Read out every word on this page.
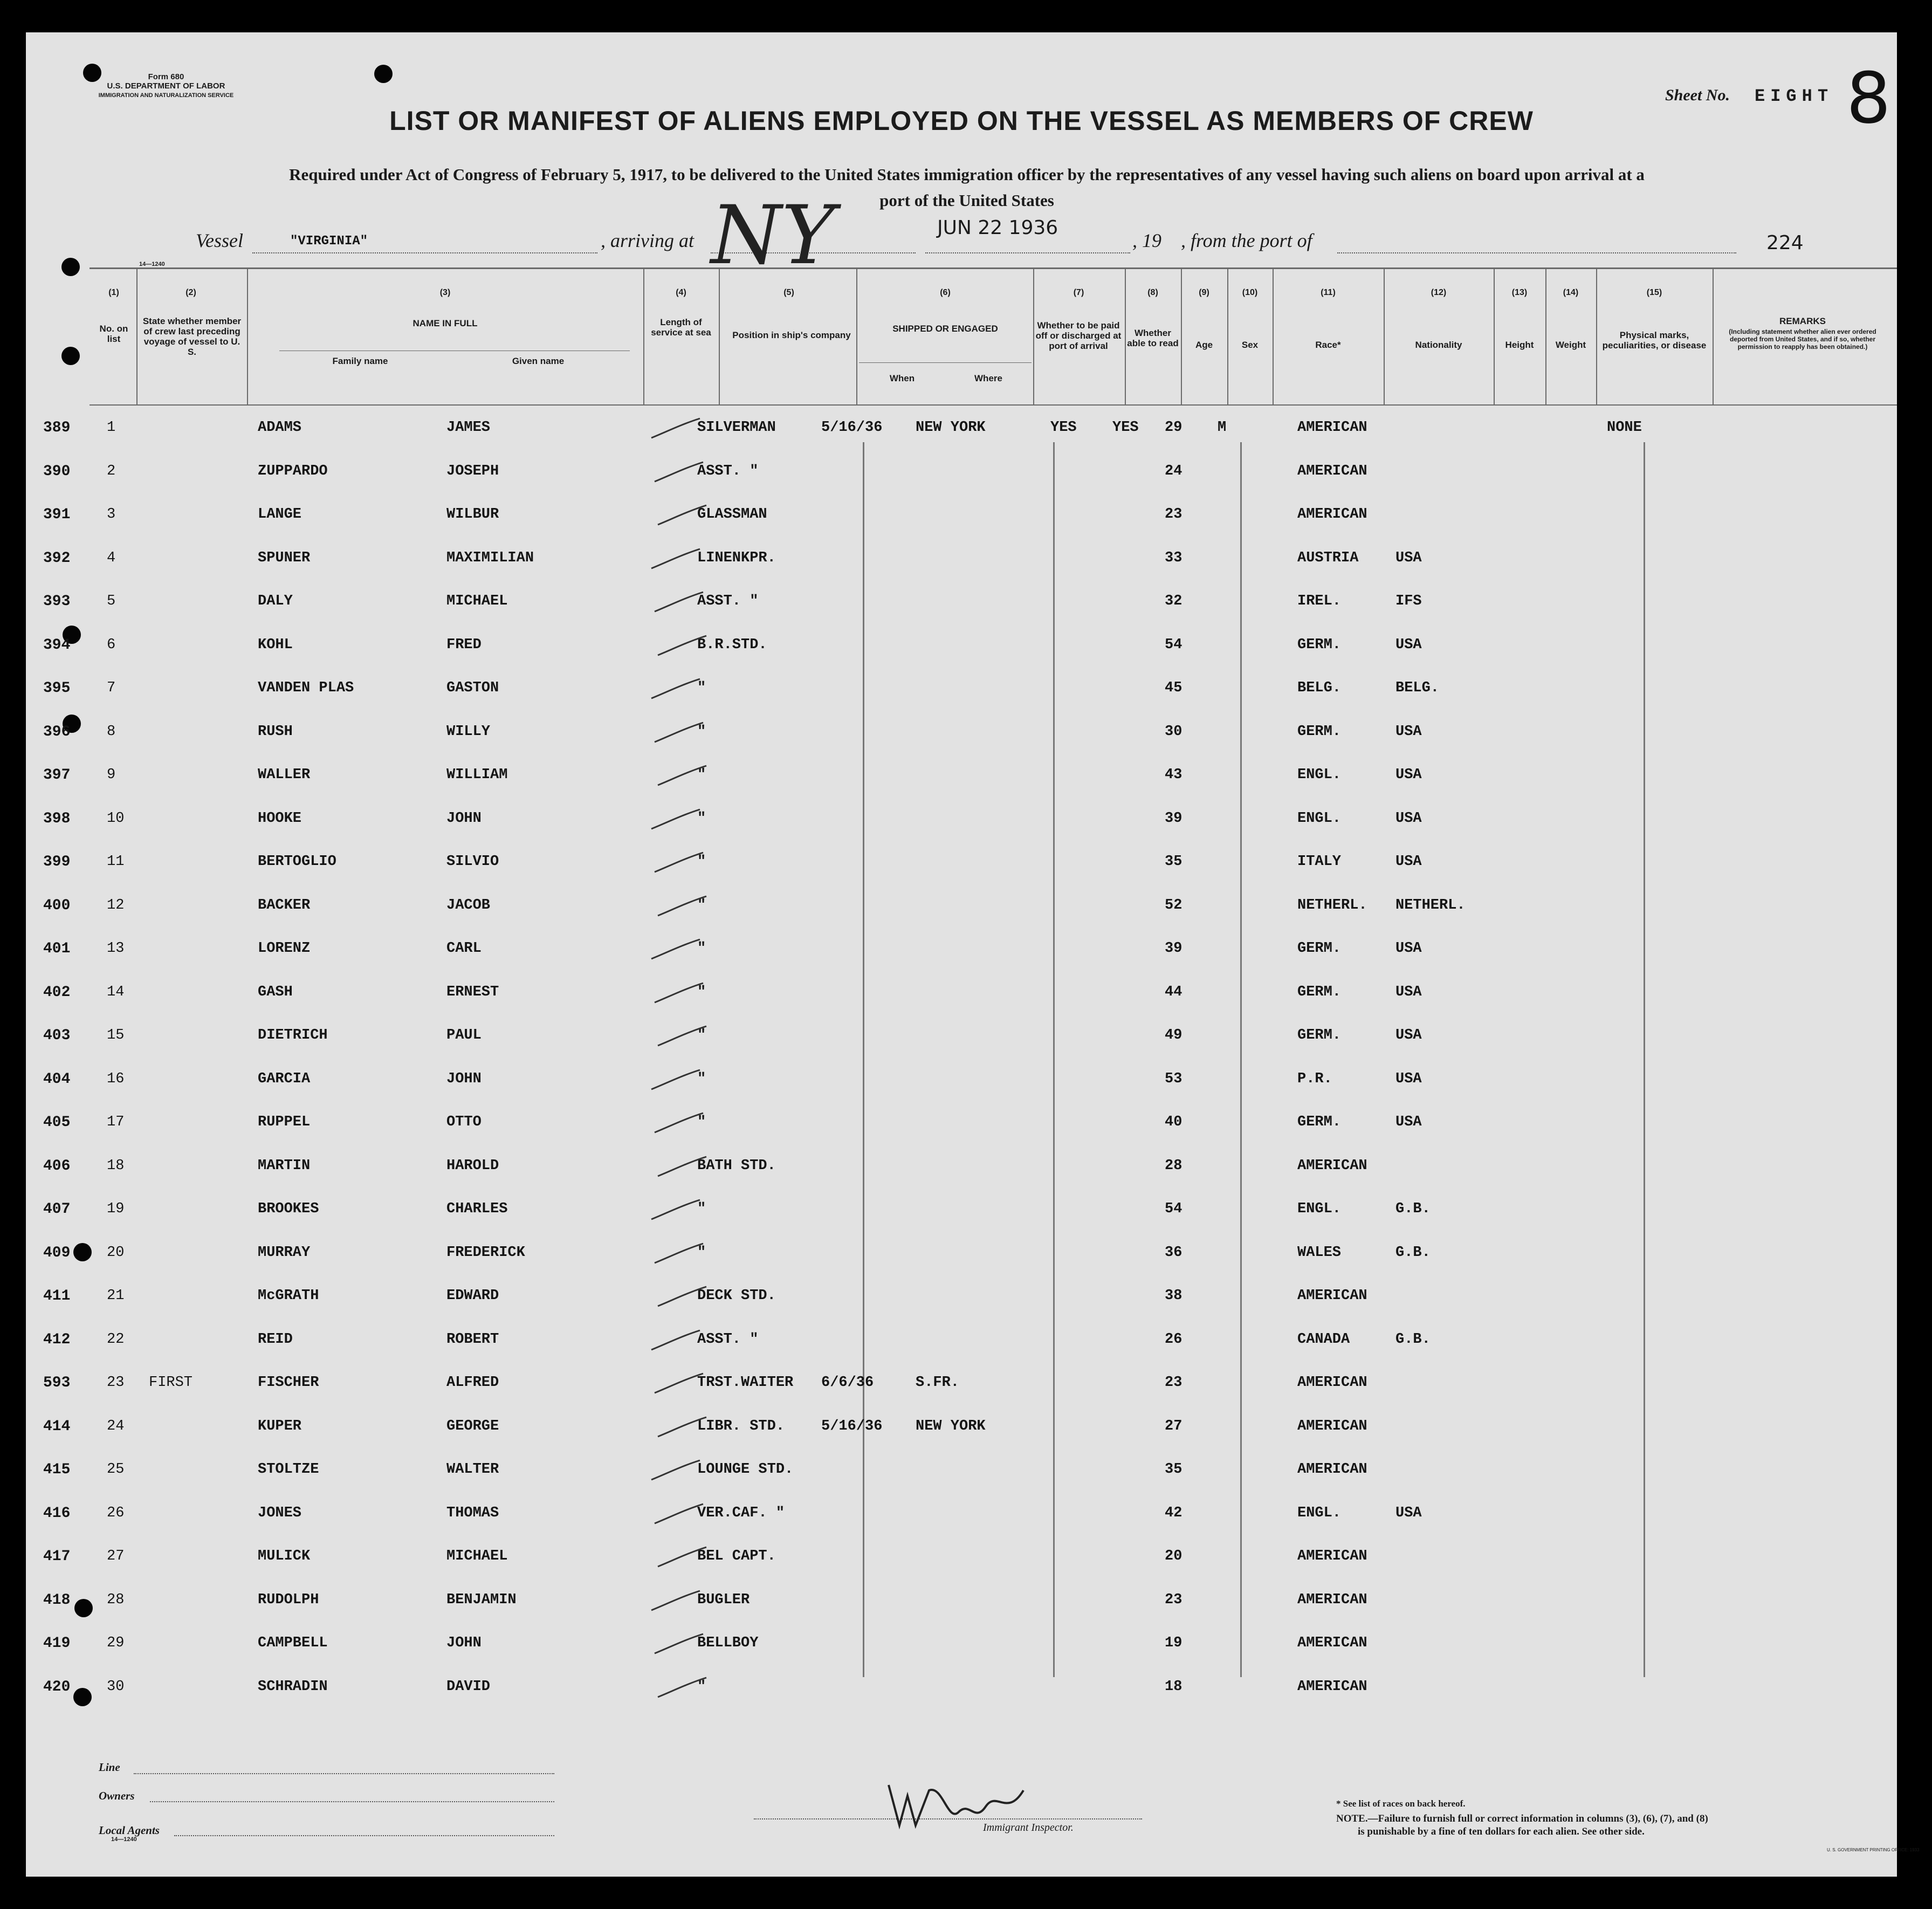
Form 680
U.S. DEPARTMENT OF LABOR
IMMIGRATION AND NATURALIZATION SERVICE	Sheet No. EIGHT 8
LIST OR MANIFEST OF ALIENS EMPLOYED ON THE VESSEL AS MEMBERS OF CREW
Required under Act of Congress of February 5, 1917, to be delivered to the United States immigration officer by the representatives of any vessel having such aliens on board upon arrival at a
port of the United States
Vessel	"VIRGINIA"	, arriving at NY	JUN 22 1936
, 19 , from the port of	224
14—1240
(1)
No. on list
(2)
State whether member of crew last preceding voyage of vessel to U. S.
(3)
NAME IN FULL
Family name	Given name
(4)
Length of service at sea
(5)
Position in ship's company
(6)
SHIPPED OR ENGAGED
When	Where
(7)
Whether to be paid off or discharged at port of arrival
(8)
Whether able to read
(9)
Age
(10)
Sex
(11)
Race*
(12)
Nationality
(13)
Height
(14)
Weight
(15)
Physical marks, peculiarities, or disease
REMARKS
(Including statement whether alien ever ordered deported from United States, and if so, whether permission to reapply has been obtained.)
389	1	ADAMS	JAMES	SILVERMAN	5/16/36 NEW YORK	YES YES 29 M	AMERICAN	NONE
390	2	ZUPPARDO	JOSEPH	ASST. "	24	AMERICAN
391	3	LANGE	WILBUR	GLASSMAN	23	AMERICAN
392	4	SPUNER	MAXIMILIAN	LINENKPR.	33	AUSTRIA	USA
393	5	DALY	MICHAEL	ASST. "	32	IREL.	IFS
394	6	KOHL	FRED	B.R.STD.	54	GERM.	USA
395	7	VANDEN PLAS	GASTON	"	45	BELG.	BELG.
396	8	RUSH	WILLY	"	30	GERM.	USA
397	9	WALLER	WILLIAM	"	43	ENGL.	USA
398	10	HOOKE	JOHN	"	39	ENGL.	USA
399	11	BERTOGLIO	SILVIO	"	35	ITALY	USA
400	12	BACKER	JACOB	"	52	NETHERL. NETHERL.
401	13	LORENZ	CARL	"	39	GERM.	USA
402	14	GASH	ERNEST	"	44	GERM.	USA
403	15	DIETRICH	PAUL	"	49	GERM.	USA
404	16	GARCIA	JOHN	"	53	P.R.	USA
405	17	RUPPEL	OTTO	"	40	GERM.	USA
406	18	MARTIN	HAROLD	BATH STD.	28	AMERICAN
407	19	BROOKES	CHARLES	"	54	ENGL.	G.B.
409	20	MURRAY	FREDERICK	"	36	WALES	G.B.
411	21	McGRATH	EDWARD	DECK STD.	38	AMERICAN
412	22	REID	ROBERT	ASST. "	26	CANADA	G.B.
593	23 FIRST	FISCHER	ALFRED	TRST.WAITER 6/6/36	S.FR.	23	AMERICAN
414	24	KUPER	GEORGE	LIBR. STD.	5/16/36 NEW YORK	27	AMERICAN
415	25	STOLTZE	WALTER	LOUNGE STD.	35	AMERICAN
416	26	JONES	THOMAS	VER.CAF. "	42	ENGL.	USA
417	27	MULICK	MICHAEL	BEL CAPT.	20	AMERICAN
418	28	RUDOLPH	BENJAMIN	BUGLER	23	AMERICAN
419	29	CAMPBELL	JOHN	BELLBOY	19	AMERICAN
420	30	SCHRADIN	DAVID	"	18	AMERICAN
Line
Owners
Local Agents
14—1240
Immigrant Inspector.
* See list of races on back hereof.
NOTE.—Failure to furnish full or correct information in columns (3), (6), (7), and (8)
is punishable by a fine of ten dollars for each alien. See other side.
U. S. GOVERNMENT PRINTING OFFICE: 1933
